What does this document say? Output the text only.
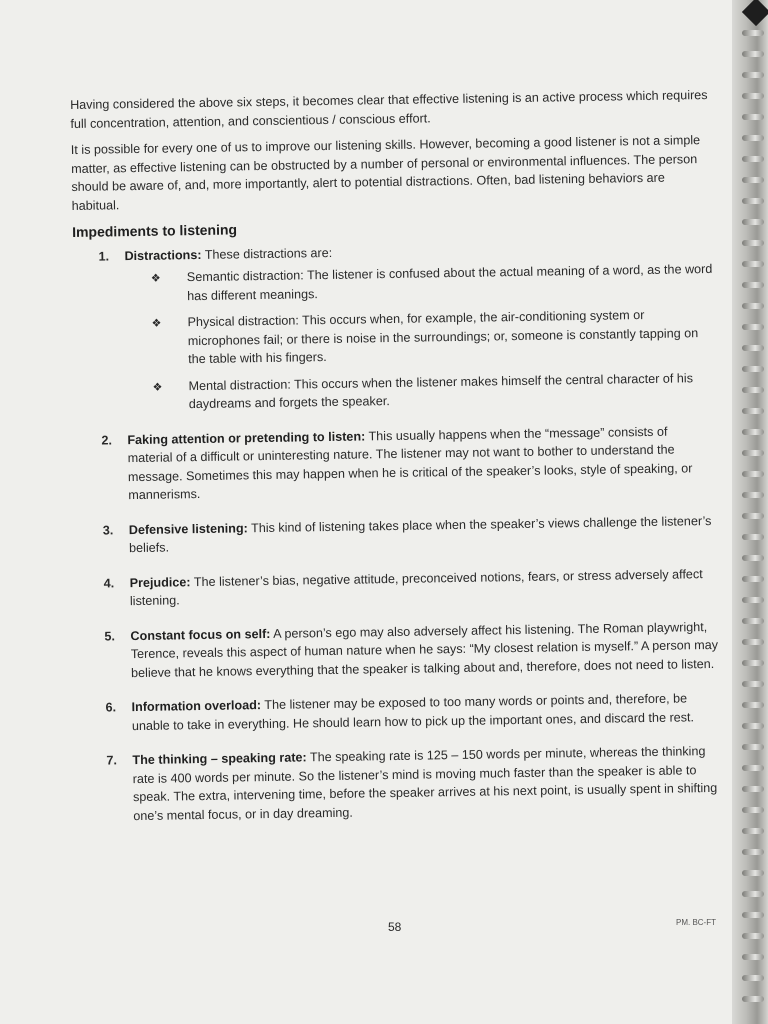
Having considered the above six steps, it becomes clear that effective listening is an active process which requires full concentration, attention, and conscientious / conscious effort.

It is possible for every one of us to improve our listening skills. However, becoming a good listener is not a simple matter, as effective listening can be obstructed by a number of personal or environmental influences. The person should be aware of, and, more importantly, alert to potential distractions. Often, bad listening behaviors are habitual.

Impediments to listening
1. Distractions: These distractions are:
❖ Semantic distraction: The listener is confused about the actual meaning of a word, as the word has different meanings.
❖ Physical distraction: This occurs when, for example, the air-conditioning system or microphones fail; or there is noise in the surroundings; or, someone is constantly tapping on the table with his fingers.
❖ Mental distraction: This occurs when the listener makes himself the central character of his daydreams and forgets the speaker.
2. Faking attention or pretending to listen: This usually happens when the “message” consists of material of a difficult or uninteresting nature. The listener may not want to bother to understand the message. Sometimes this may happen when he is critical of the speaker’s looks, style of speaking, or mannerisms.
3. Defensive listening: This kind of listening takes place when the speaker’s views challenge the listener’s beliefs.
4. Prejudice: The listener’s bias, negative attitude, preconceived notions, fears, or stress adversely affect listening.
5. Constant focus on self: A person’s ego may also adversely affect his listening. The Roman playwright, Terence, reveals this aspect of human nature when he says: “My closest relation is myself.” A person may believe that he knows everything that the speaker is talking about and, therefore, does not need to listen.
6. Information overload: The listener may be exposed to too many words or points and, therefore, be unable to take in everything. He should learn how to pick up the important ones, and discard the rest.
7. The thinking – speaking rate: The speaking rate is 125 – 150 words per minute, whereas the thinking rate is 400 words per minute. So the listener’s mind is moving much faster than the speaker is able to speak. The extra, intervening time, before the speaker arrives at his next point, is usually spent in shifting one’s mental focus, or in day dreaming.
58	PM. BC-FT
